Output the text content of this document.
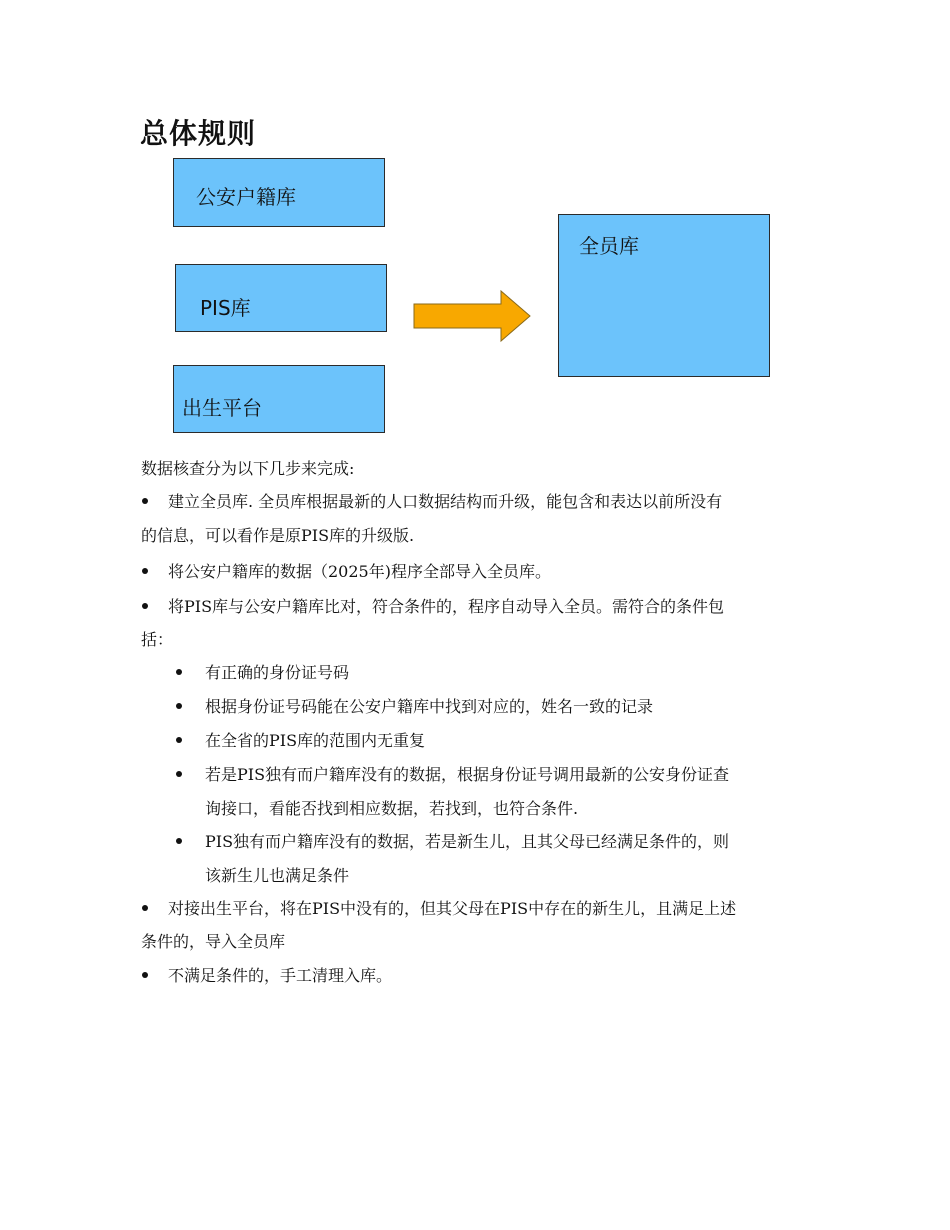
总体规则
公安户籍库
PIS库
出生平台
全员库
数据核查分为以下几步来完成:
建立全员库. 全员库根据最新的人口数据结构而升级，能包含和表达以前所没有
的信息，可以看作是原PIS库的升级版.
将公安户籍库的数据（2025年)程序全部导入全员库。
将PIS库与公安户籍库比对，符合条件的，程序自动导入全员。需符合的条件包
括：
有正确的身份证号码
根据身份证号码能在公安户籍库中找到对应的，姓名一致的记录
在全省的PIS库的范围内无重复
若是PIS独有而户籍库没有的数据，根据身份证号调用最新的公安身份证查
询接口，看能否找到相应数据，若找到，也符合条件.
PIS独有而户籍库没有的数据，若是新生儿，且其父母已经满足条件的，则
该新生儿也满足条件
对接出生平台，将在PIS中没有的，但其父母在PIS中存在的新生儿，且满足上述
条件的，导入全员库
不满足条件的，手工清理入库。
